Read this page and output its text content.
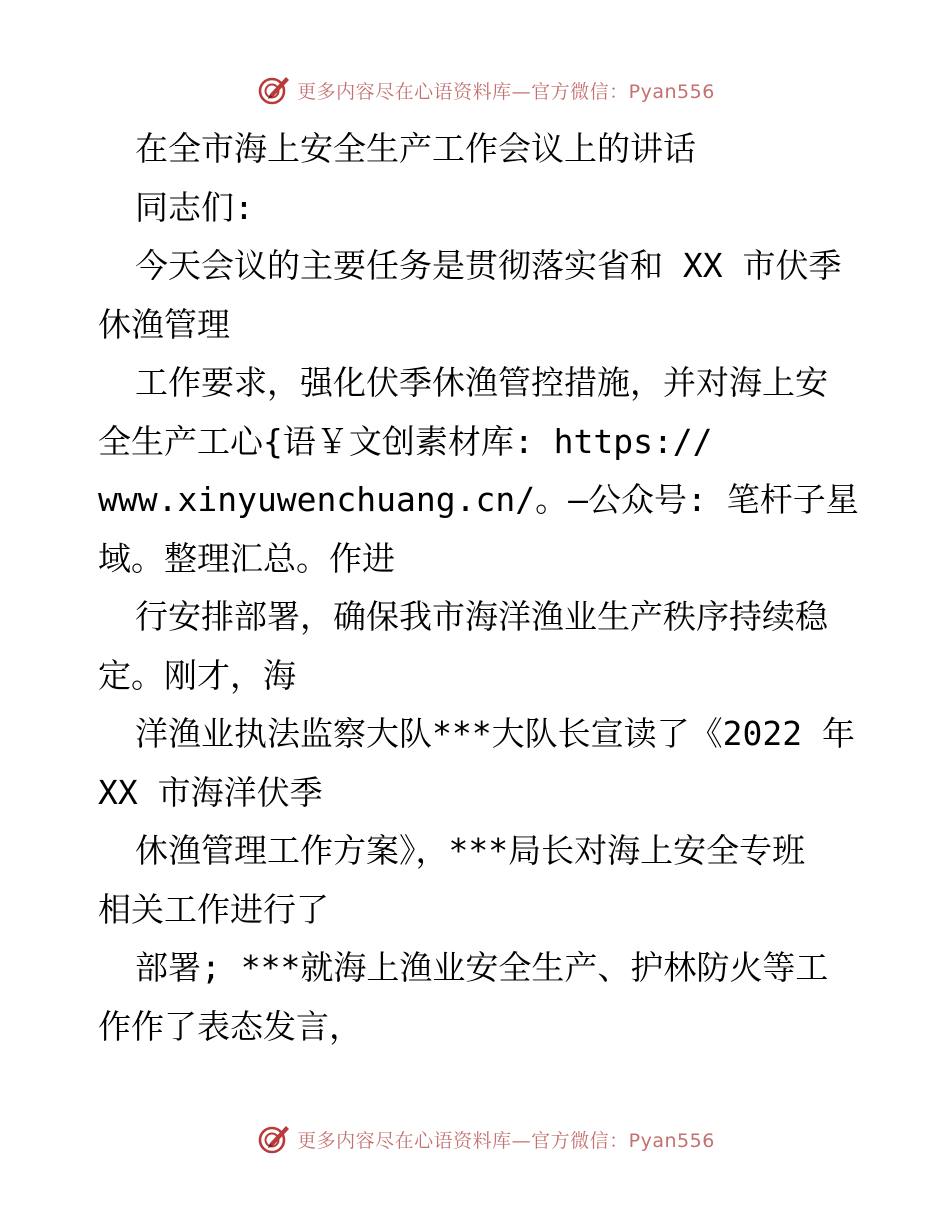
更多内容尽在心语资料库—官方微信：Pyan556
在全市海上安全生产工作会议上的讲话
同志们:
今天会议的主要任务是贯彻落实省和 XX 市伏季
休渔管理
工作要求，强化伏季休渔管控措施，并对海上安
全生产工心{语￥文创素材库: https://
www.xinyuwenchuang.cn/。—公众号: 笔杆子星
域。整理汇总。作进
行安排部署，确保我市海洋渔业生产秩序持续稳
定。刚才，海
洋渔业执法监察大队***大队长宣读了《2022 年
XX 市海洋伏季
休渔管理工作方案》，***局长对海上安全专班
相关工作进行了
部署; ***就海上渔业安全生产、护林防火等工
作作了表态发言，
更多内容尽在心语资料库—官方微信：Pyan556
